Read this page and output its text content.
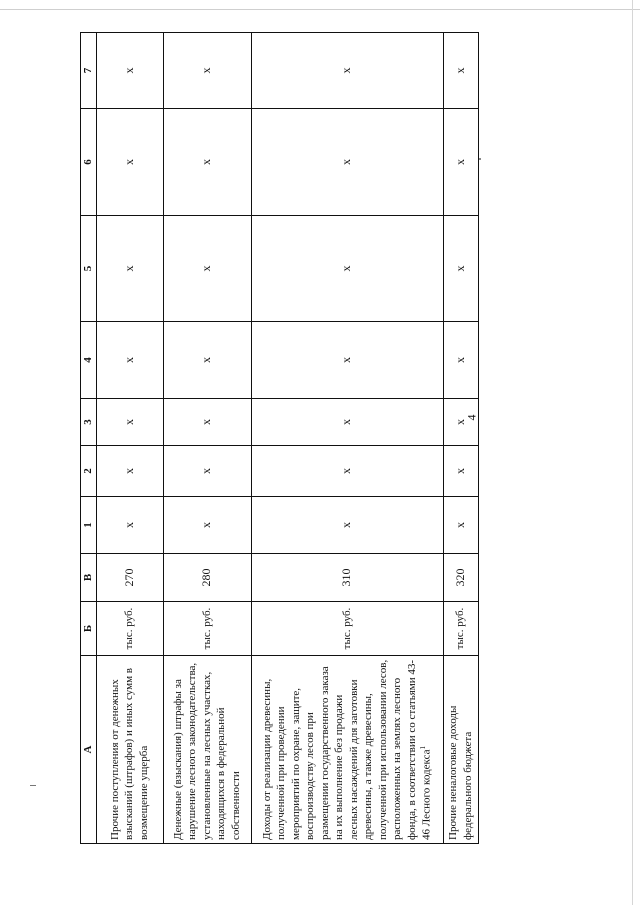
4
А	Б	В	1	2	3	4	5	6	7
Прочие поступления от денежных взысканий (штрафов) и иных сумм в возмещение ущерба	тыс. руб.	270	x	x	x	x	x	x	x
Денежные (взыскания) штрафы за нарушение лесного законодательства, установленные на лесных участках, находящихся в федеральной собственности	тыс. руб.	280	x	x	x	x	x	x	x
Доходы от реализации древесины, полученной при проведении мероприятий по охране, защите, воспроизводству лесов при размещении государственного заказа на их выполнение без продажи лесных насаждений для заготовки древесины, а также древесины, полученной при использовании лесов, расположенных на землях лесного фонда, в соответствии со статьями 43-46 Лесного кодекса$^1$	тыс. руб.	310	x	x	x	x	x	x	x
Прочие неналоговые доходы федерального бюджета	тыс. руб.	320	x	x	x	x	x	x	x
